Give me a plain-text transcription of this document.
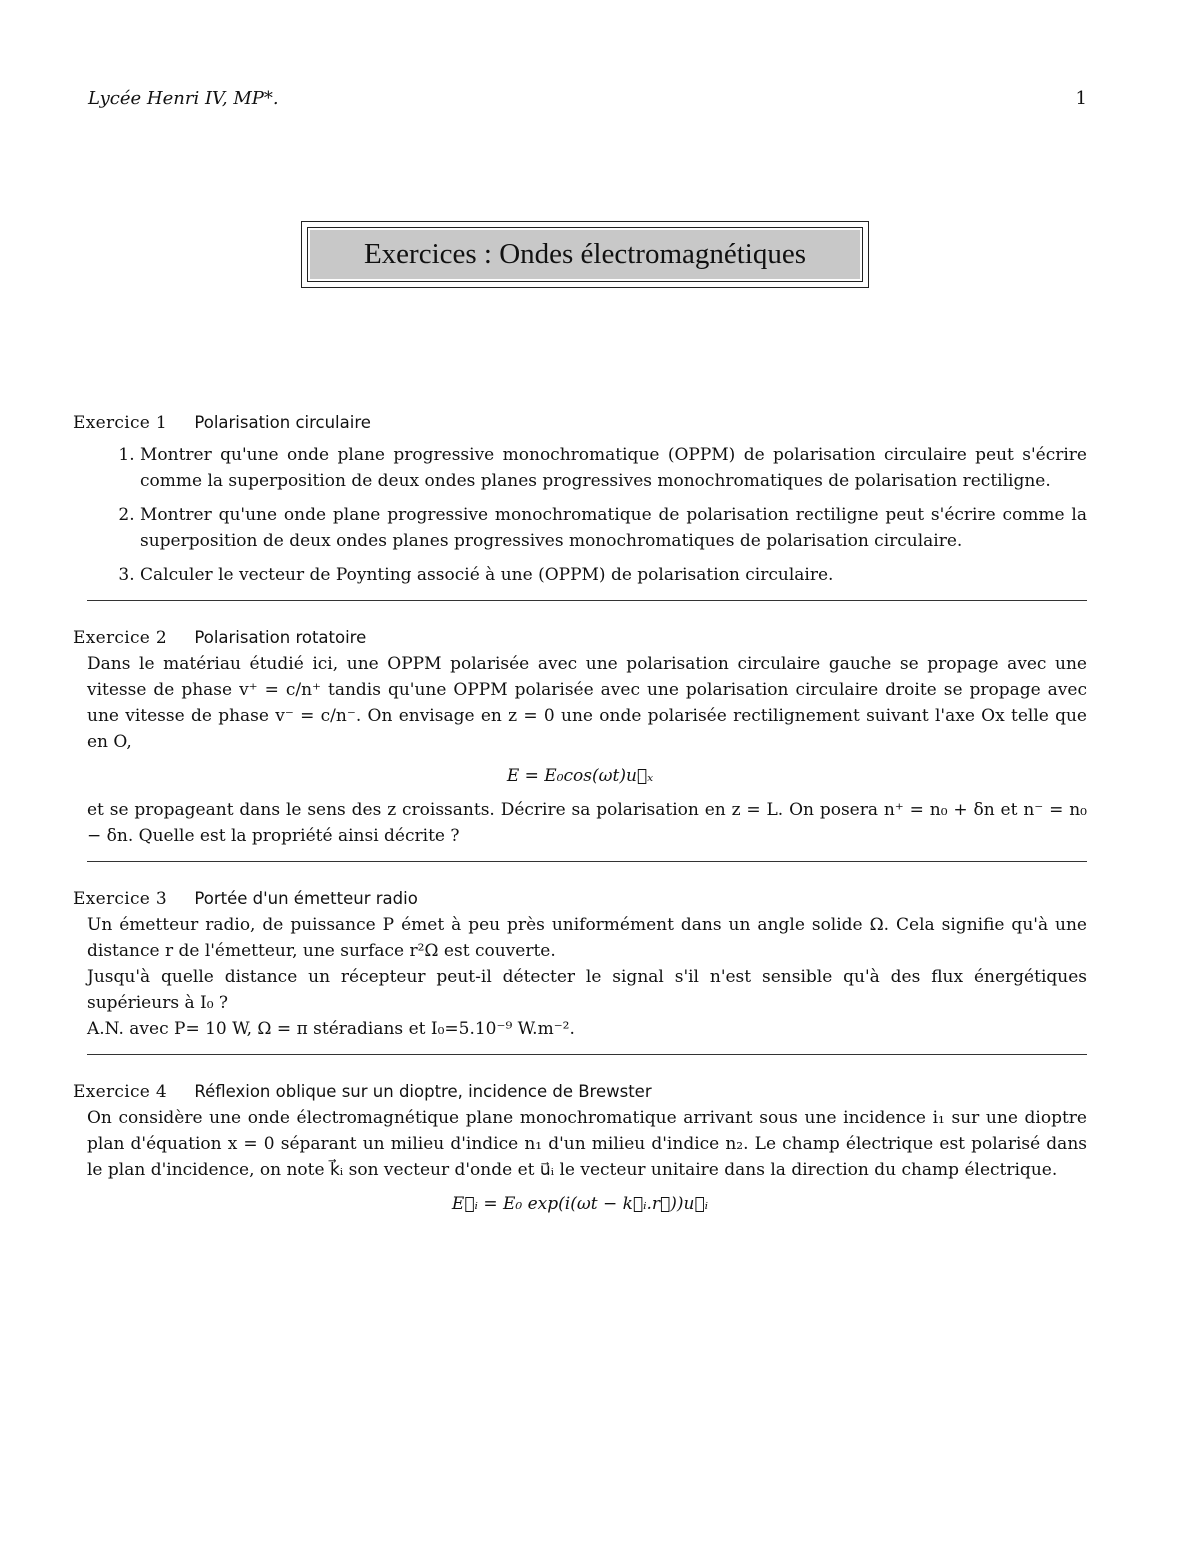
Lycée Henri IV, MP*.	1
Exercices : Ondes électromagnétiques

Exercice 1 Polarisation circulaire

1. Montrer qu'une onde plane progressive monochromatique (OPPM) de polarisation circulaire peut s'écrire comme la superposition de deux ondes planes progressives monochromatiques de polarisation rectiligne.
2. Montrer qu'une onde plane progressive monochromatique de polarisation rectiligne peut s'écrire comme la superposition de deux ondes planes progressives monochromatiques de polarisation circulaire.
3. Calculer le vecteur de Poynting associé à une (OPPM) de polarisation circulaire.

Exercice 2 Polarisation rotatoire

Dans le matériau étudié ici, une OPPM polarisée avec une polarisation circulaire gauche se propage avec une vitesse de phase v⁺ = c/n⁺ tandis qu'une OPPM polarisée avec une polarisation circulaire droite se propage avec une vitesse de phase v⁻ = c/n⁻. On envisage en z = 0 une onde polarisée rectilignement suivant l'axe Ox telle que en O,
E = E₀cos(ωt)u⃗ₓ
et se propageant dans le sens des z croissants. Décrire sa polarisation en z = L. On posera n⁺ = n₀ + δn et n⁻ = n₀ − δn. Quelle est la propriété ainsi décrite ?

Exercice 3 Portée d'un émetteur radio

Un émetteur radio, de puissance P émet à peu près uniformément dans un angle solide Ω. Cela signifie qu'à une distance r de l'émetteur, une surface r²Ω est couverte.
Jusqu'à quelle distance un récepteur peut-il détecter le signal s'il n'est sensible qu'à des flux énergétiques supérieurs à I₀ ?
A.N. avec P= 10 W, Ω = π stéradians et I₀=5.10⁻⁹ W.m⁻².

Exercice 4 Réflexion oblique sur un dioptre, incidence de Brewster

On considère une onde électromagnétique plane monochromatique arrivant sous une incidence i₁ sur une dioptre plan d'équation x = 0 séparant un milieu d'indice n₁ d'un milieu d'indice n₂. Le champ électrique est polarisé dans le plan d'incidence, on note k⃗ᵢ son vecteur d'onde et u⃗ᵢ le vecteur unitaire dans la direction du champ électrique.
E⃗ᵢ = E₀ exp(i(ωt − k⃗ᵢ.r⃗))u⃗ᵢ
